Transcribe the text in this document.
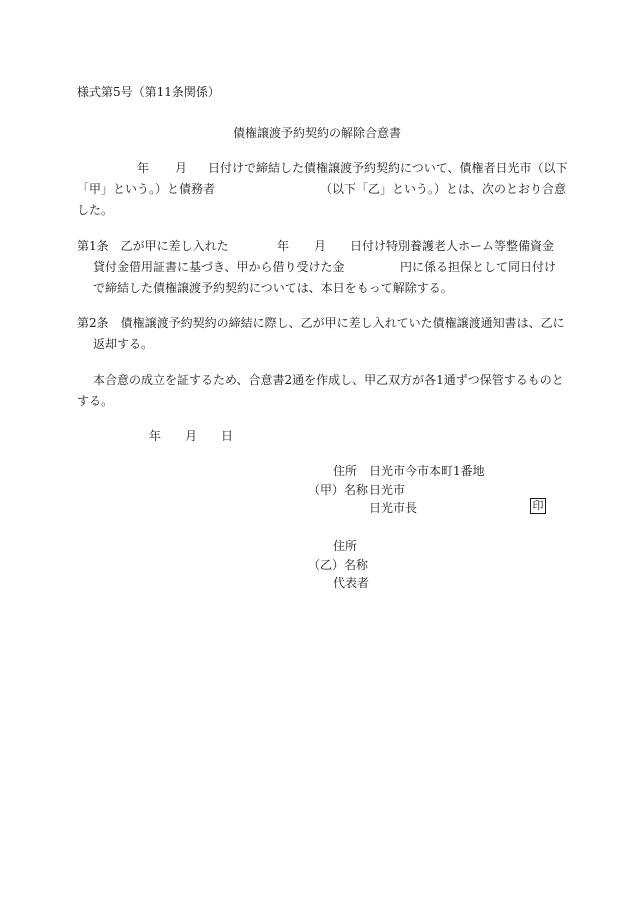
様式第5号（第11条関係）
債権譲渡予約契約の解除合意書
年 月 日付けで締結した債権譲渡予約契約について、債権者日光市（以下
「甲」という。）と債務者	（以下「乙」という。）とは、次のとおり合意
した。
第1条　乙が甲に差し入れた	年 月 日付け特別養護老人ホーム等整備資金
貸付金借用証書に基づき、甲から借り受けた金	円に係る担保として同日付け
で締結した債権譲渡予約契約については、本日をもって解除する。
第2条　債権譲渡予約契約の締結に際し、乙が甲に差し入れていた債権譲渡通知書は、乙に
返却する。
本合意の成立を証するため、合意書2通を作成し、甲乙双方が各1通ずつ保管するものと
する。
年 月 日
住所 日光市今市本町1番地
（甲）名称 日光市
日光市長	印
住所
（乙）名称
代表者
